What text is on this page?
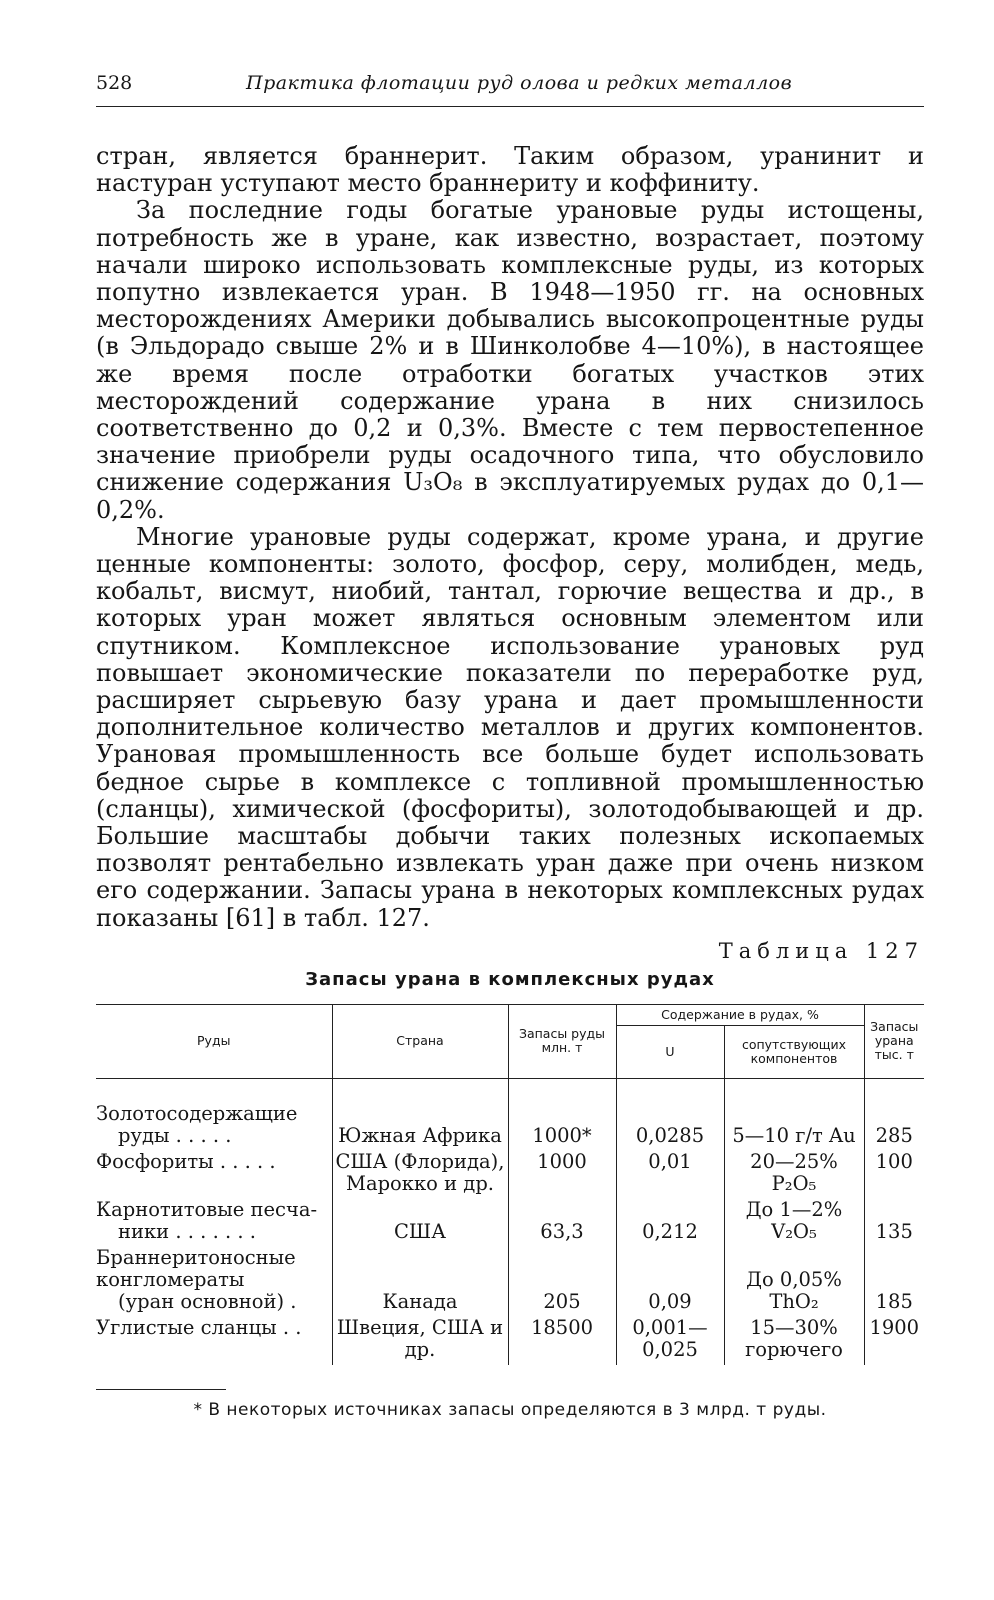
528	Практика флотации руд олова и редких металлов

стран, является браннерит. Таким образом, уранинит и настуран уступают место браннериту и коффиниту.

За последние годы богатые урановые руды истощены, потребность же в уране, как известно, возрастает, поэтому начали широко использовать комплексные руды, из которых попутно извлекается уран. В 1948—1950 гг. на основных месторождениях Америки добывались высокопроцентные руды (в Эльдорадо свыше 2% и в Шинколобве 4—10%), в настоящее же время после отработки богатых участков этих месторождений содержание урана в них снизилось соответственно до 0,2 и 0,3%. Вместе с тем первостепенное значение приобрели руды осадочного типа, что обусловило снижение содержания U₃O₈ в эксплуатируемых рудах до 0,1—0,2%.

Многие урановые руды содержат, кроме урана, и другие ценные компоненты: золото, фосфор, серу, молибден, медь, кобальт, висмут, ниобий, тантал, горючие вещества и др., в которых уран может являться основным элементом или спутником. Комплексное использование урановых руд повышает экономические показатели по переработке руд, расширяет сырьевую базу урана и дает промышленности дополнительное количество металлов и других компонентов. Урановая промышленность все больше будет использовать бедное сырье в комплексе с топливной промышленностью (сланцы), химической (фосфориты), золотодобывающей и др. Большие масштабы добычи таких полезных ископаемых позволят рентабельно извлекать уран даже при очень низком его содержании. Запасы урана в некоторых комплексных рудах показаны [61] в табл. 127.

Таблица 127
Запасы урана в комплексных рудах
Руды	Страна	Запасы руды млн. т	Содержание в рудах, %		Запасы урана тыс. т
			U	сопутствующих компонентов	

Золотосодержащие
руды . . . . .	Южная Африка	1000*	0,0285	5—10 г/т Au	285

Фосфориты . . . . .	США (Флорида), Марокко и др.	1000	0,01	20—25% P₂O₅	100

Карнотитовые песча-
ники . . . . . . .	США	63,3	0,212	До 1—2% V₂O₅	135

Браннеритоносные конгломераты
(уран основной) .	Канада	205	0,09	До 0,05% ThO₂	185

Углистые сланцы . .	Швеция, США и др.	18500	0,001—0,025	15—30% горючего	1900
* В некоторых источниках запасы определяются в 3 млрд. т руды.
